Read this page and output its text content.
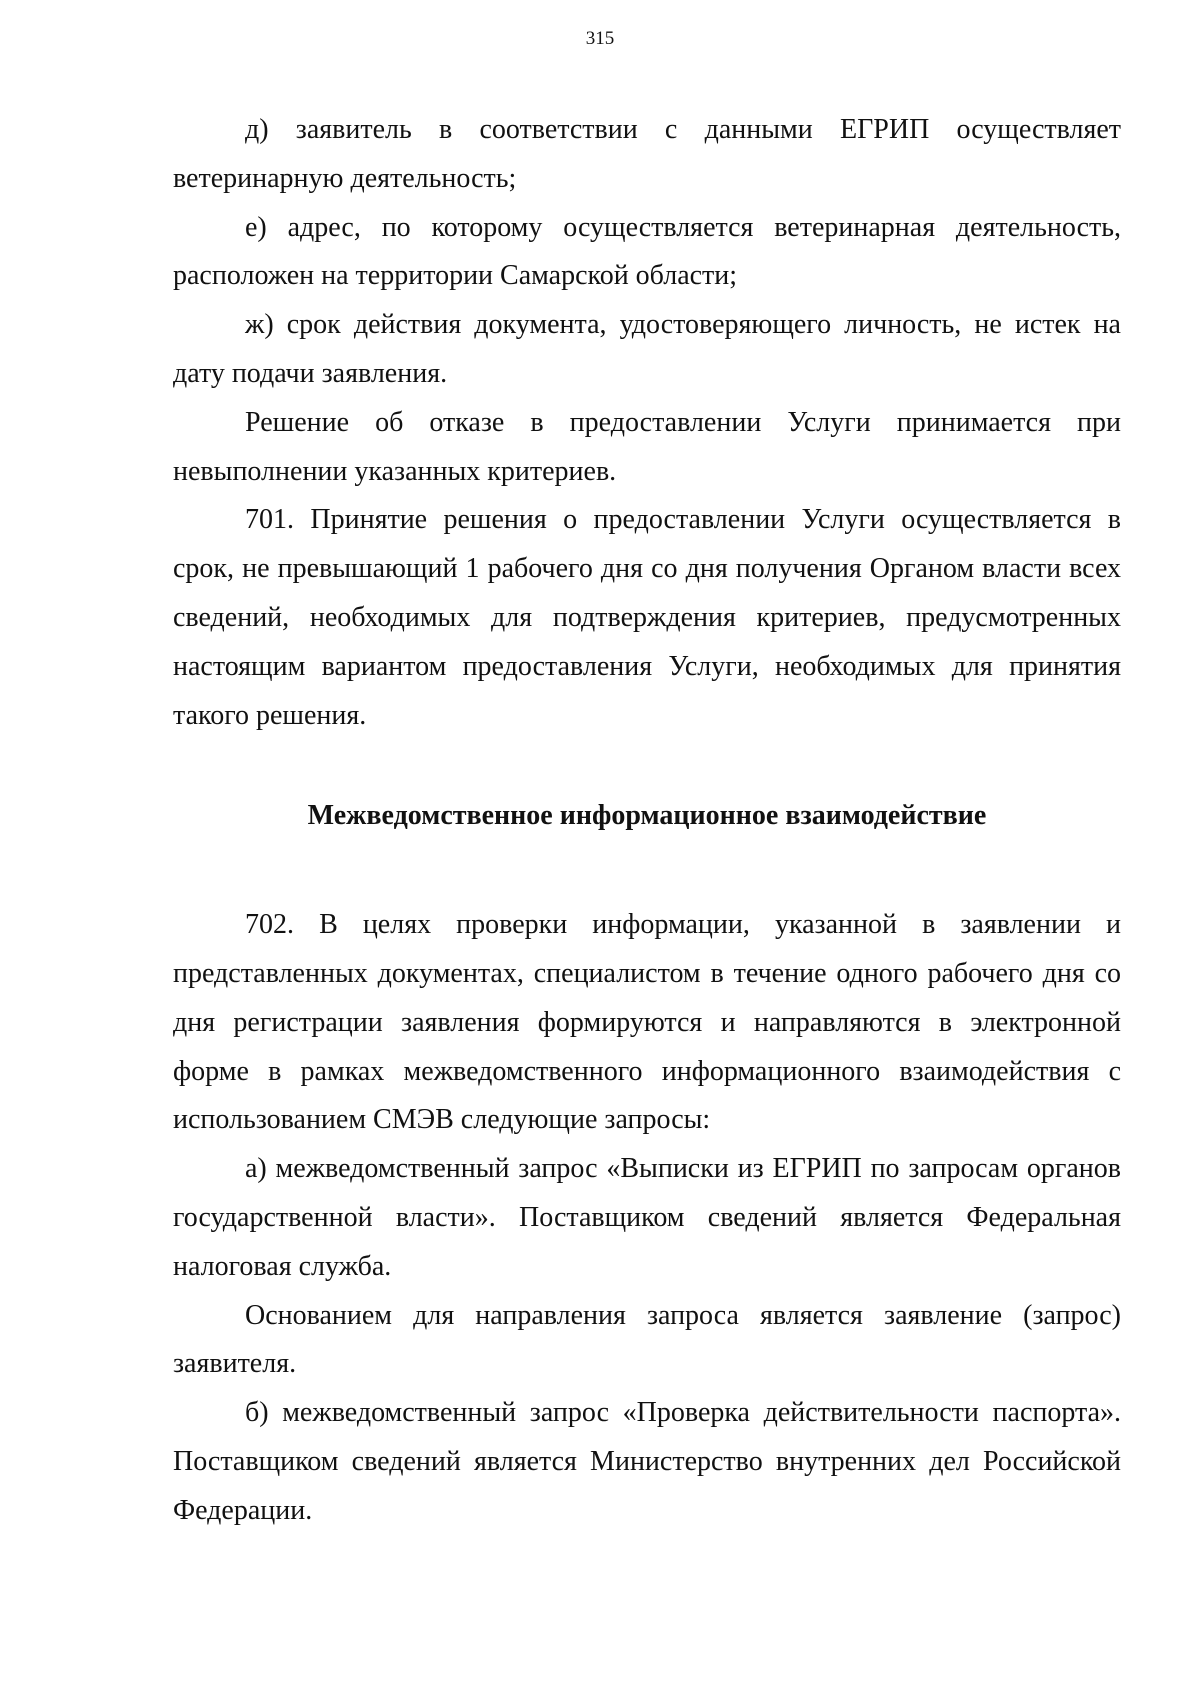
315

д) заявитель в соответствии с данными ЕГРИП осуществляет ветеринарную деятельность;

е) адрес, по которому осуществляется ветеринарная деятельность, расположен на территории Самарской области;

ж) срок действия документа, удостоверяющего личность, не истек на дату подачи заявления.

Решение об отказе в предоставлении Услуги принимается при невыполнении указанных критериев.

701. Принятие решения о предоставлении Услуги осуществляется в срок, не превышающий 1 рабочего дня со дня получения Органом власти всех сведений, необходимых для подтверждения критериев, предусмотренных настоящим вариантом предоставления Услуги, необходимых для принятия такого решения.

Межведомственное информационное взаимодействие

702. В целях проверки информации, указанной в заявлении и представленных документах, специалистом в течение одного рабочего дня со дня регистрации заявления формируются и направляются в электронной форме в рамках межведомственного информационного взаимодействия с использованием СМЭВ следующие запросы:

а) межведомственный запрос «Выписки из ЕГРИП по запросам органов государственной власти». Поставщиком сведений является Федеральная налоговая служба.

Основанием для направления запроса является заявление (запрос) заявителя.

б) межведомственный запрос «Проверка действительности паспорта». Поставщиком сведений является Министерство внутренних дел Российской Федерации.
